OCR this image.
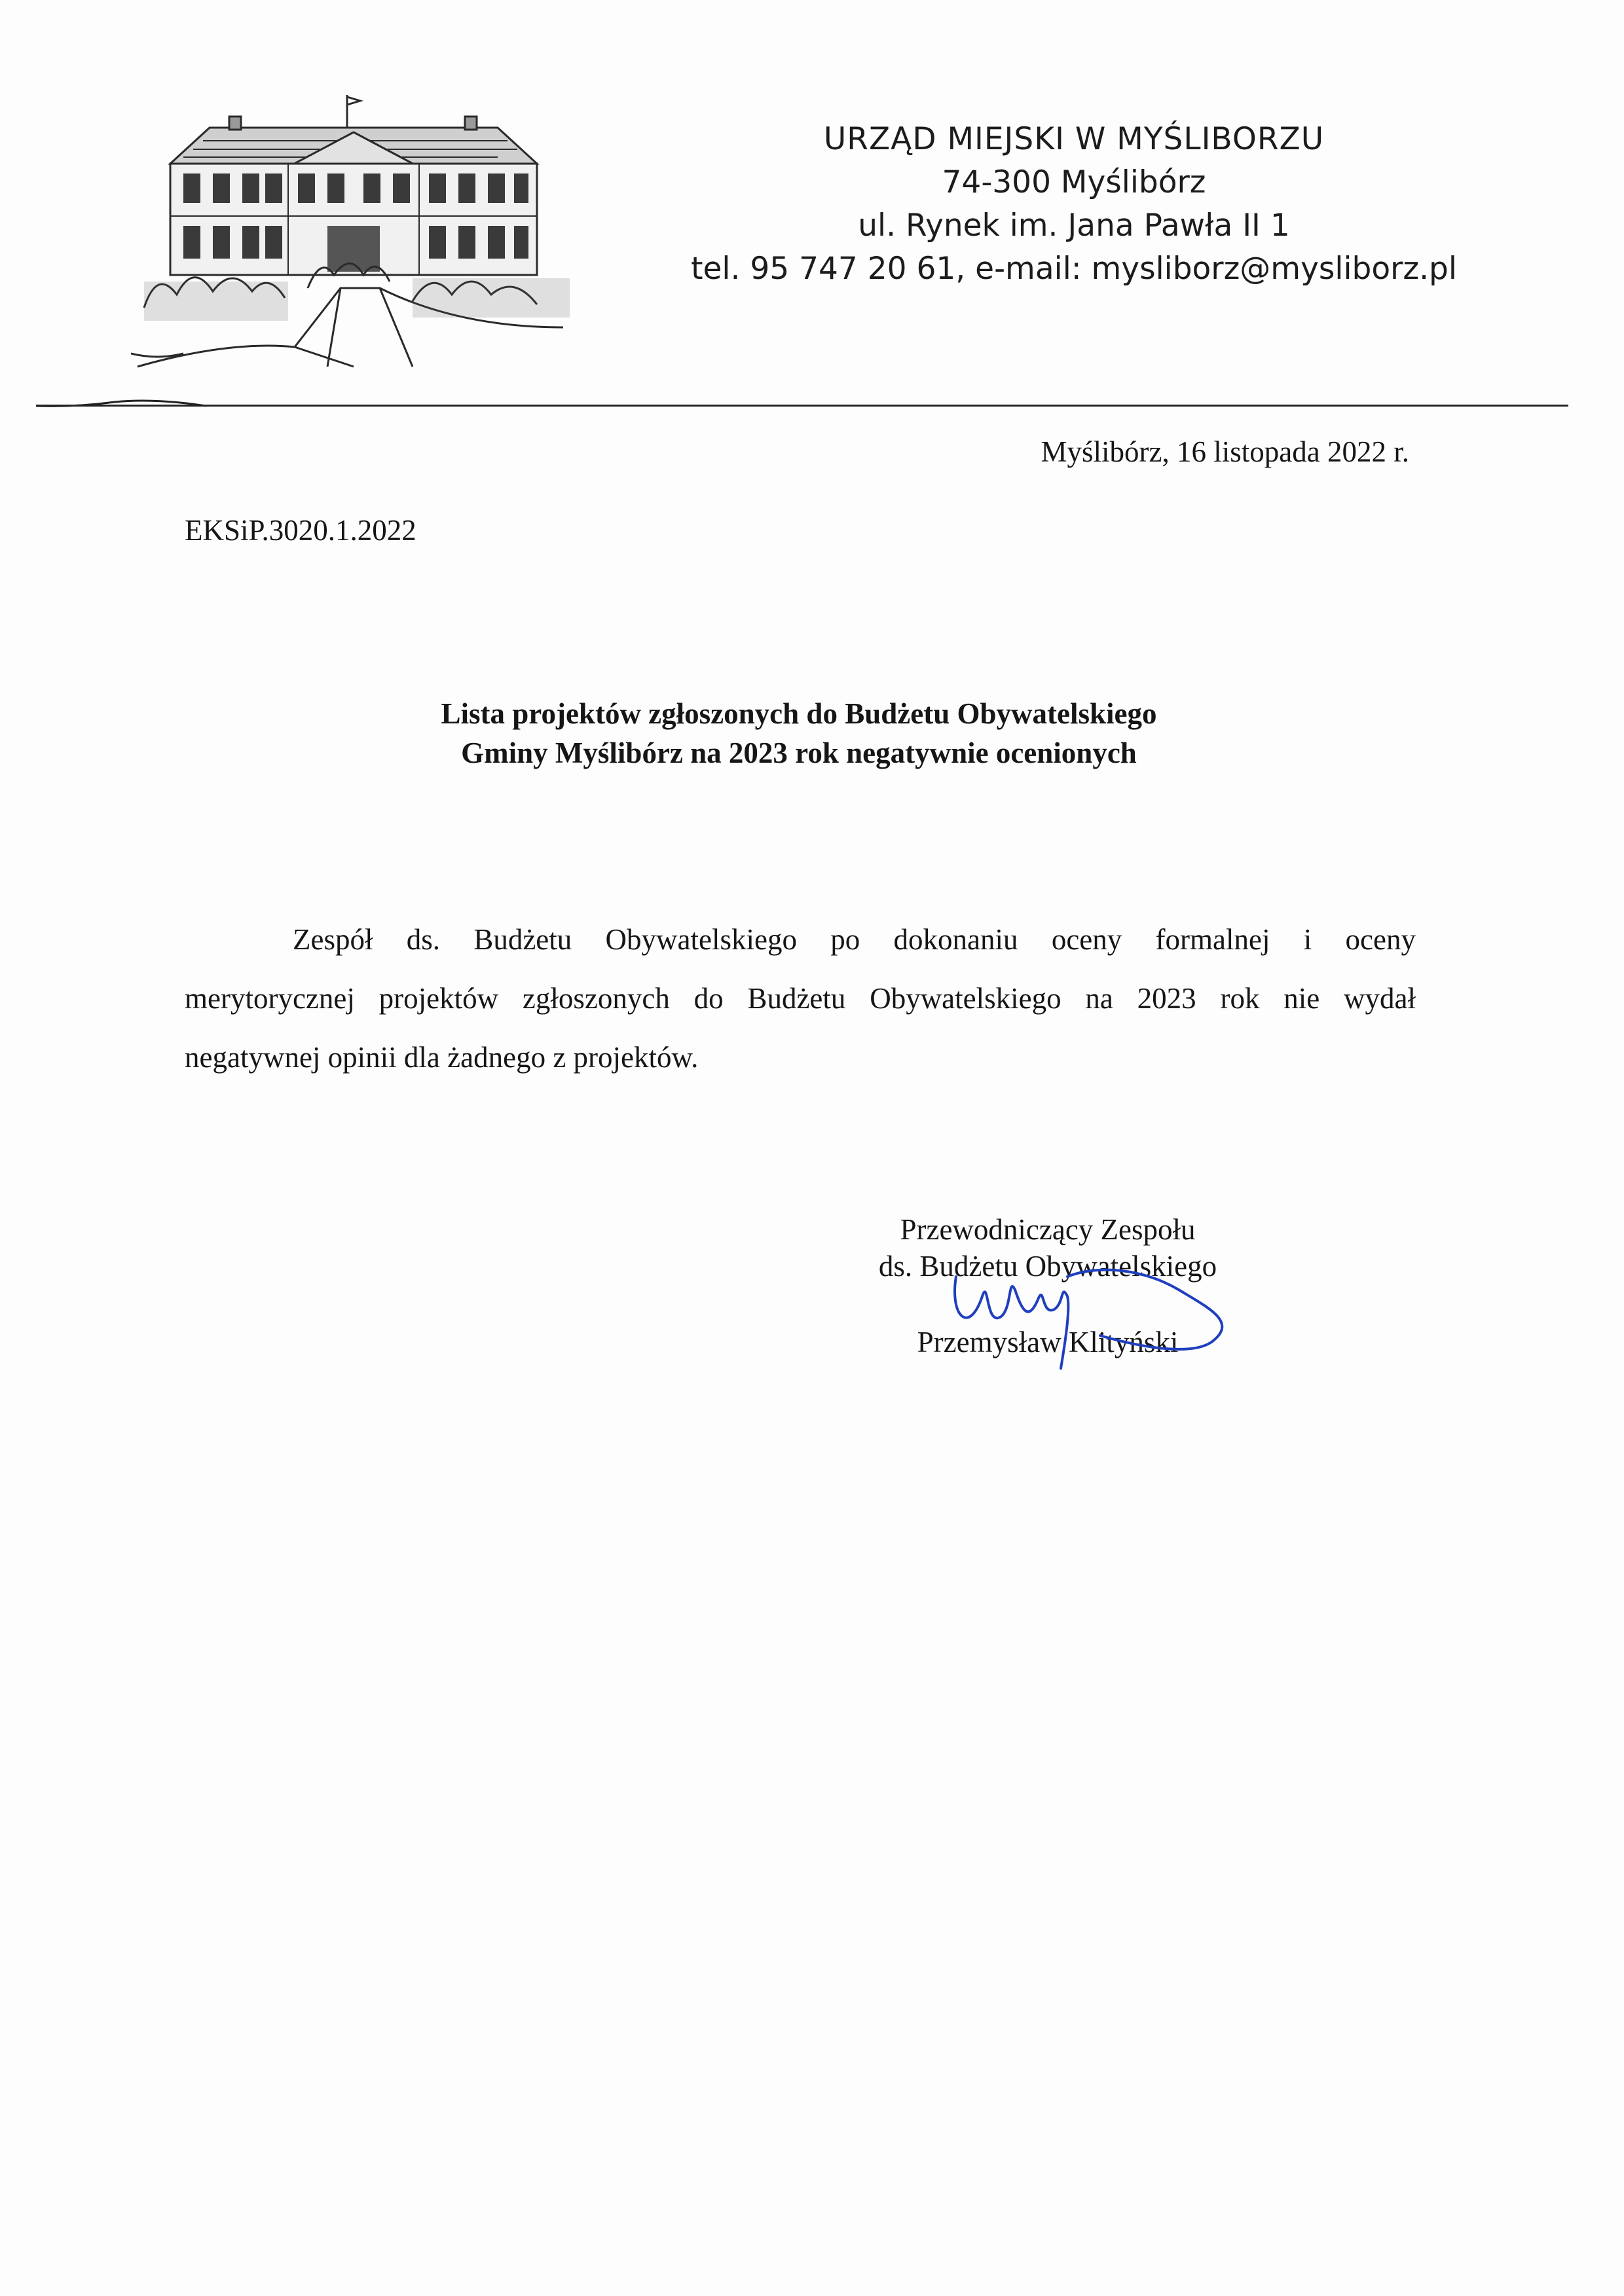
URZĄD MIEJSKI W MYŚLIBORZU
74-300 Myślibórz
ul. Rynek im. Jana Pawła II 1
tel. 95 747 20 61, e-mail: mysliborz@mysliborz.pl
Myślibórz, 16 listopada 2022 r.
EKSiP.3020.1.2022
Lista projektów zgłoszonych do Budżetu Obywatelskiego
Gminy Myślibórz na 2023 rok negatywnie ocenionych
Zespół ds. Budżetu Obywatelskiego po dokonaniu oceny formalnej i oceny
merytorycznej projektów zgłoszonych do Budżetu Obywatelskiego na 2023 rok nie wydał
negatywnej opinii dla żadnego z projektów.
Przewodniczący Zespołu
ds. Budżetu Obywatelskiego
Przemysław Klityński
